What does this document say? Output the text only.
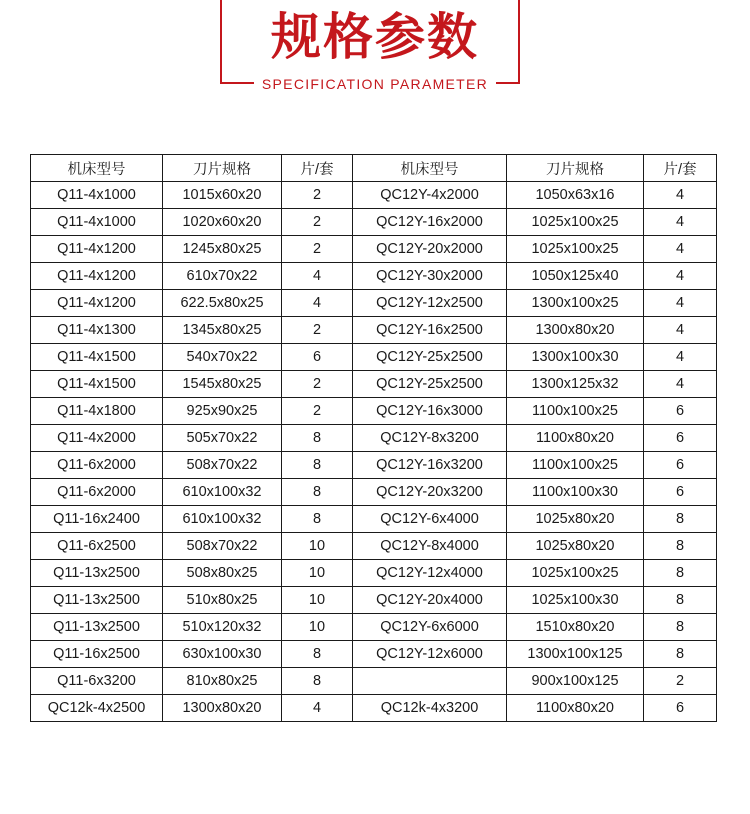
规格参数
SPECIFICATION PARAMETER
机床型号	刀片规格	片/套	机床型号	刀片规格	片/套
Q11-4x1000	1015x60x20	2	QC12Y-4x2000	1050x63x16	4
Q11-4x1000	1020x60x20	2	QC12Y-16x2000	1025x100x25	4
Q11-4x1200	1245x80x25	2	QC12Y-20x2000	1025x100x25	4
Q11-4x1200	610x70x22	4	QC12Y-30x2000	1050x125x40	4
Q11-4x1200	622.5x80x25	4	QC12Y-12x2500	1300x100x25	4
Q11-4x1300	1345x80x25	2	QC12Y-16x2500	1300x80x20	4
Q11-4x1500	540x70x22	6	QC12Y-25x2500	1300x100x30	4
Q11-4x1500	1545x80x25	2	QC12Y-25x2500	1300x125x32	4
Q11-4x1800	925x90x25	2	QC12Y-16x3000	1100x100x25	6
Q11-4x2000	505x70x22	8	QC12Y-8x3200	1100x80x20	6
Q11-6x2000	508x70x22	8	QC12Y-16x3200	1100x100x25	6
Q11-6x2000	610x100x32	8	QC12Y-20x3200	1100x100x30	6
Q11-16x2400	610x100x32	8	QC12Y-6x4000	1025x80x20	8
Q11-6x2500	508x70x22	10	QC12Y-8x4000	1025x80x20	8
Q11-13x2500	508x80x25	10	QC12Y-12x4000	1025x100x25	8
Q11-13x2500	510x80x25	10	QC12Y-20x4000	1025x100x30	8
Q11-13x2500	510x120x32	10	QC12Y-6x6000	1510x80x20	8
Q11-16x2500	630x100x30	8	QC12Y-12x6000	1300x100x125	8
Q11-6x3200	810x80x25	8		900x100x125	2
QC12k-4x2500	1300x80x20	4	QC12k-4x3200	1100x80x20	6
